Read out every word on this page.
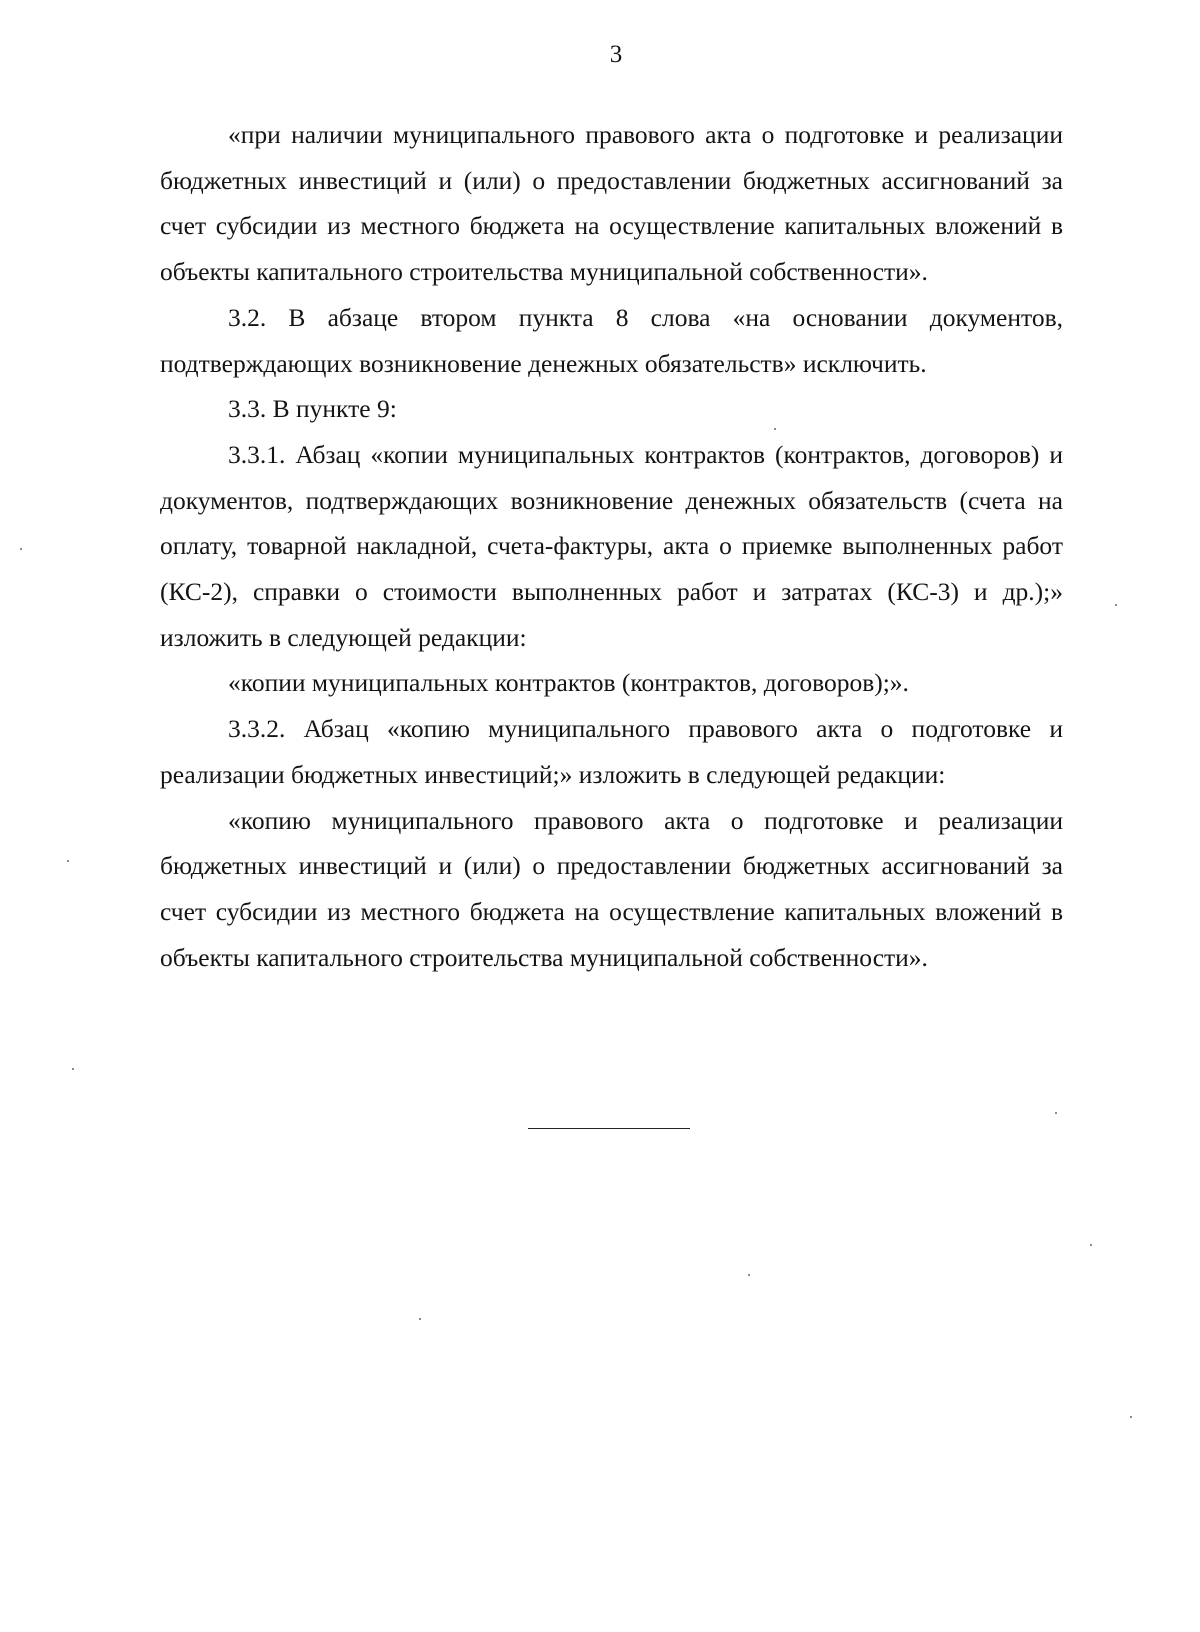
3

«при наличии муниципального правового акта о подготовке и реализации бюджетных инвестиций и (или) о предоставлении бюджетных ассигнований за счет субсидии из местного бюджета на осуществление капитальных вложений в объекты капитального строительства муниципальной собственности».

3.2. В абзаце втором пункта 8 слова «на основании документов, подтверждающих возникновение денежных обязательств» исключить.

3.3. В пункте 9:

3.3.1. Абзац «копии муниципальных контрактов (контрактов, договоров) и документов, подтверждающих возникновение денежных обязательств (счета на оплату, товарной накладной, счета-фактуры, акта о приемке выполненных работ (КС-2), справки о стоимости выполненных работ и затратах (КС-3) и др.);» изложить в следующей редакции:

«копии муниципальных контрактов (контрактов, договоров);».

3.3.2. Абзац «копию муниципального правового акта о подготовке и реализации бюджетных инвестиций;» изложить в следующей редакции:

«копию муниципального правового акта о подготовке и реализации бюджетных инвестиций и (или) о предоставлении бюджетных ассигнований за счет субсидии из местного бюджета на осуществление капитальных вложений в объекты капитального строительства муниципальной собственности».
